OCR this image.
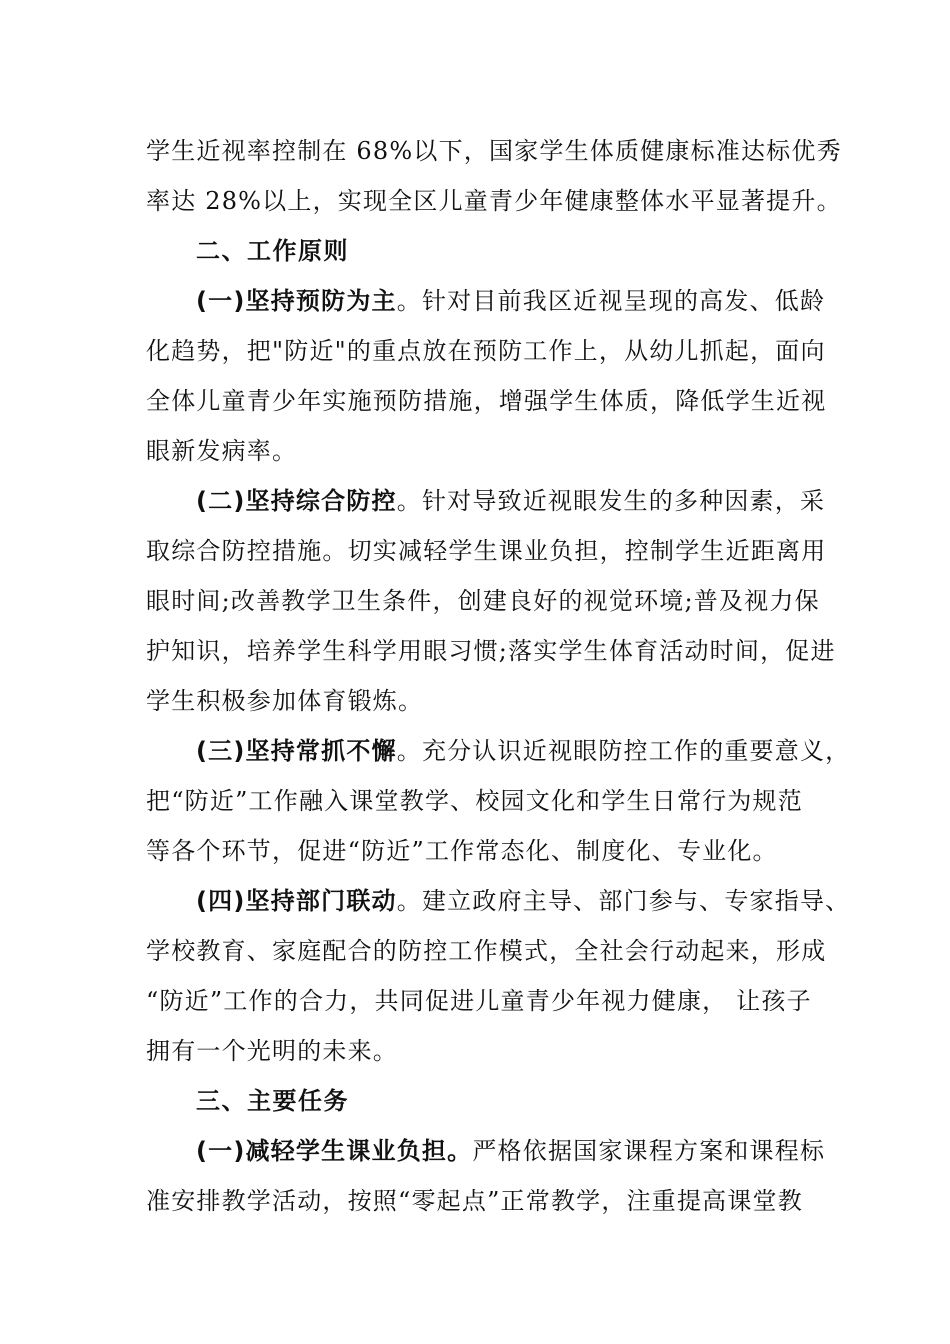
学生近视率控制在 68%以下，国家学生体质健康标准达标优秀
率达 28%以上，实现全区儿童青少年健康整体水平显著提升。
二、工作原则
(一)坚持预防为主。针对目前我区近视呈现的高发、低龄
化趋势，把"防近"的重点放在预防工作上，从幼儿抓起，面向
全体儿童青少年实施预防措施，增强学生体质，降低学生近视
眼新发病率。
(二)坚持综合防控。针对导致近视眼发生的多种因素，采
取综合防控措施。切实减轻学生课业负担，控制学生近距离用
眼时间;改善教学卫生条件，创建良好的视觉环境;普及视力保
护知识，培养学生科学用眼习惯;落实学生体育活动时间，促进
学生积极参加体育锻炼。
(三)坚持常抓不懈。充分认识近视眼防控工作的重要意义，
把“防近”工作融入课堂教学、校园文化和学生日常行为规范
等各个环节，促进“防近”工作常态化、制度化、专业化。
(四)坚持部门联动。建立政府主导、部门参与、专家指导、
学校教育、家庭配合的防控工作模式，全社会行动起来，形成
“防近”工作的合力，共同促进儿童青少年视力健康， 让孩子
拥有一个光明的未来。
三、主要任务
(一)减轻学生课业负担。严格依据国家课程方案和课程标
准安排教学活动，按照“零起点”正常教学，注重提高课堂教
